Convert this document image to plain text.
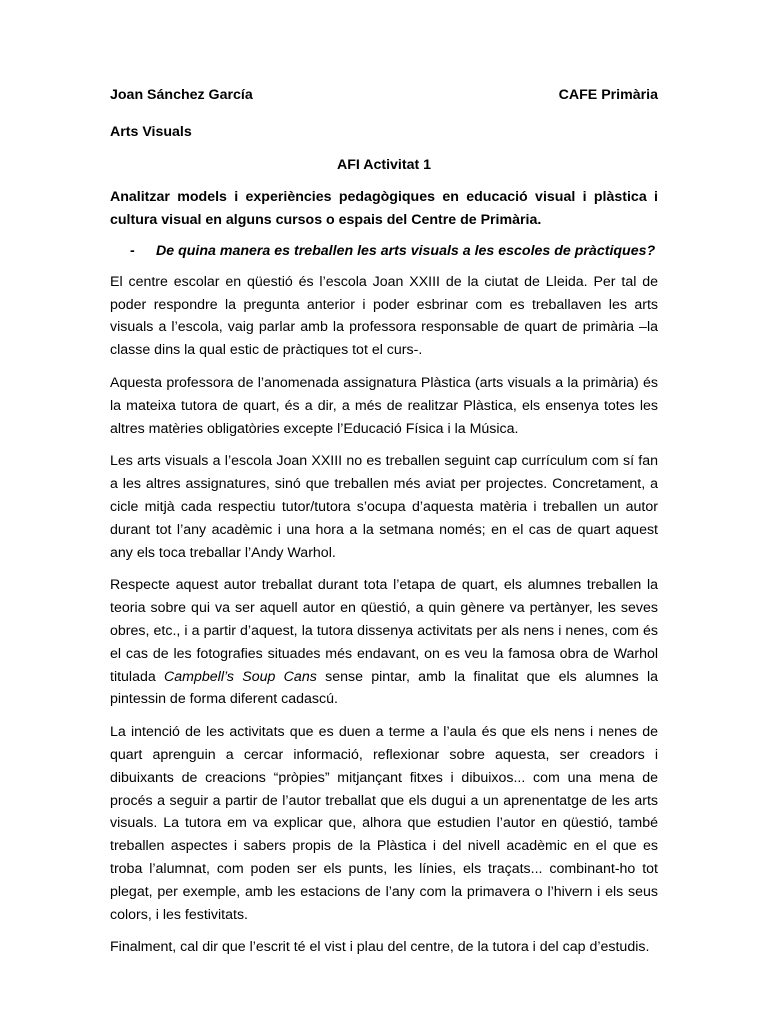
Joan Sánchez García	CAFE Primària
Arts Visuals
AFI Activitat 1
Analitzar models i experiències pedagògiques en educació visual i plàstica i cultura visual en alguns cursos o espais del Centre de Primària.
-	De quina manera es treballen les arts visuals a les escoles de pràctiques?

El centre escolar en qüestió és l’escola Joan XXIII de la ciutat de Lleida. Per tal de poder respondre la pregunta anterior i poder esbrinar com es treballaven les arts visuals a l’escola, vaig parlar amb la professora responsable de quart de primària –la classe dins la qual estic de pràctiques tot el curs-.

Aquesta professora de l’anomenada assignatura Plàstica (arts visuals a la primària) és la mateixa tutora de quart, és a dir, a més de realitzar Plàstica, els ensenya totes les altres matèries obligatòries excepte l’Educació Física i la Música.

Les arts visuals a l’escola Joan XXIII no es treballen seguint cap currículum com sí fan a les altres assignatures, sinó que treballen més aviat per projectes. Concretament, a cicle mitjà cada respectiu tutor/tutora s’ocupa d’aquesta matèria i treballen un autor durant tot l’any acadèmic i una hora a la setmana només; en el cas de quart aquest any els toca treballar l’Andy Warhol.

Respecte aquest autor treballat durant tota l’etapa de quart, els alumnes treballen la teoria sobre qui va ser aquell autor en qüestió, a quin gènere va pertànyer, les seves obres, etc., i a partir d’aquest, la tutora dissenya activitats per als nens i nenes, com és el cas de les fotografies situades més endavant, on es veu la famosa obra de Warhol titulada Campbell’s Soup Cans sense pintar, amb la finalitat que els alumnes la pintessin de forma diferent cadascú.

La intenció de les activitats que es duen a terme a l’aula és que els nens i nenes de quart aprenguin a cercar informació, reflexionar sobre aquesta, ser creadors i dibuixants de creacions “pròpies” mitjançant fitxes i dibuixos... com una mena de procés a seguir a partir de l’autor treballat que els dugui a un aprenentatge de les arts visuals. La tutora em va explicar que, alhora que estudien l’autor en qüestió, també treballen aspectes i sabers propis de la Plàstica i del nivell acadèmic en el que es troba l’alumnat, com poden ser els punts, les línies, els traçats... combinant-ho tot plegat, per exemple, amb les estacions de l’any com la primavera o l’hivern i els seus colors, i les festivitats.

Finalment, cal dir que l’escrit té el vist i plau del centre, de la tutora i del cap d’estudis.
